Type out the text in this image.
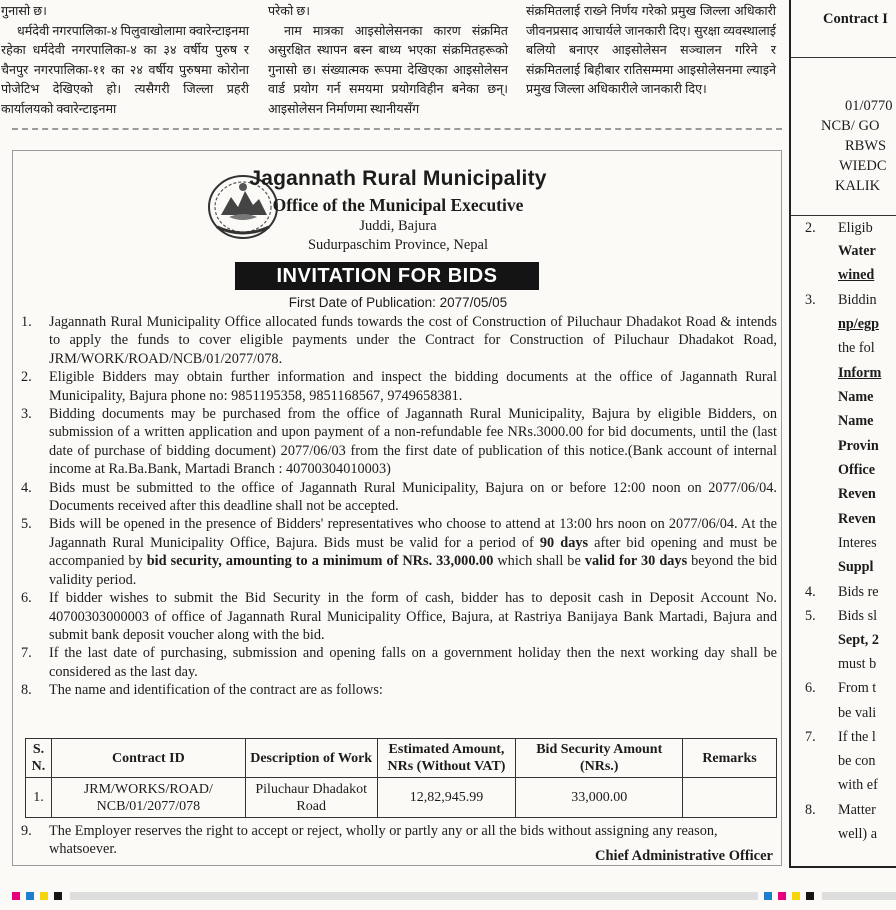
गुनासो छ।

धर्मदेवी नगरपालिका-४ पिलुवाखोलामा क्वारेन्टाइनमा रहेका धर्मदेवी नगरपालिका-४ का ३४ वर्षीय पुरुष र चैनपुर नगरपालिका-११ का २४ वर्षीय पुरुषमा कोरोना पोजेटिभ देखिएको हो। त्यसैगरी जिल्ला प्रहरी कार्यालयको क्वारेन्टाइनमा

परेको छ।

नाम मात्रका आइसोलेसनका कारण संक्रमित असुरक्षित स्थापन बस्न बाध्य भएका संक्रमितहरूको गुनासो छ। संख्यात्मक रूपमा देखिएका आइसोलेसन वार्ड प्रयोग गर्न समयमा प्रयोगविहीन बनेका छन्। आइसोलेसन निर्माणमा स्थानीयसँग

संक्रमितलाई राख्ने निर्णय गरेको प्रमुख जिल्ला अधिकारी जीवनप्रसाद आचार्यले जानकारी दिए। सुरक्षा व्यवस्थालाई बलियो बनाएर आइसोलेसन सञ्चालन गरिने र संक्रमितलाई बिहीबार रातिसम्ममा आइसोलेसनमा ल्याइने प्रमुख जिल्ला अधिकारीले जानकारी दिए।

Jagannath Rural Municipality
Office of the Municipal Executive
Juddi, Bajura
Sudurpaschim Province, Nepal
INVITATION FOR BIDS
First Date of Publication: 2077/05/05
1.	Jagannath Rural Municipality Office allocated funds towards the cost of Construction of Piluchaur Dhadakot Road & intends to apply the funds to cover eligible payments under the Contract for Construction of Piluchaur Dhadakot Road, JRM/WORK/ROAD/NCB/01/2077/078.
2.	Eligible Bidders may obtain further information and inspect the bidding documents at the office of Jagannath Rural Municipality, Bajura phone no: 9851195358, 9851168567, 9749658381.
3.	Bidding documents may be purchased from the office of Jagannath Rural Municipality, Bajura by eligible Bidders, on submission of a written application and upon payment of a non-refundable fee NRs.3000.00 for bid documents, until the (last date of purchase of bidding document) 2077/06/03 from the first date of publication of this notice.(Bank account of internal income at Ra.Ba.Bank, Martadi Branch : 40700304010003)
4.	Bids must be submitted to the office of Jagannath Rural Municipality, Bajura on or before 12:00 noon on 2077/06/04. Documents received after this deadline shall not be accepted.
5.	Bids will be opened in the presence of Bidders' representatives who choose to attend at 13:00 hrs noon on 2077/06/04. At the Jagannath Rural Municipality Office, Bajura. Bids must be valid for a period of 90 days after bid opening and must be accompanied by bid security, amounting to a minimum of NRs. 33,000.00 which shall be valid for 30 days beyond the bid validity period.
6.	If bidder wishes to submit the Bid Security in the form of cash, bidder has to deposit cash in Deposit Account No. 40700303000003 of office of Jagannath Rural Municipality Office, Bajura, at Rastriya Banijaya Bank Martadi, Bajura and submit bank deposit voucher along with the bid.
7.	If the last date of purchasing, submission and opening falls on a government holiday then the next working day shall be considered as the last day.
8.	The name and identification of the contract are as follows:
S. N.	Contract ID	Description of Work	Estimated Amount, NRs (Without VAT)	Bid Security Amount (NRs.)	Remarks
1.	JRM/WORKS/ROAD/ NCB/01/2077/078	Piluchaur Dhadakot Road	12,82,945.99	33,000.00	
9.	The Employer reserves the right to accept or reject, wholly or partly any or all the bids without assigning any reason, whatsoever.	Chief Administrative Officer
Contract I
01/0770
NCB/ GO
RBWS
WIEDC
KALIK
2.	Eligib
Water
wined
3.	Biddin
np/egp
the fol
Inform
Name
Name
Provin
Office
Reven
Reven
Interes
Suppl
4.	Bids re
5.	Bids sl
Sept, 2
must b
6.	From t
be vali
7.	If the l
be con
with ef
8.	Matter
well) a
